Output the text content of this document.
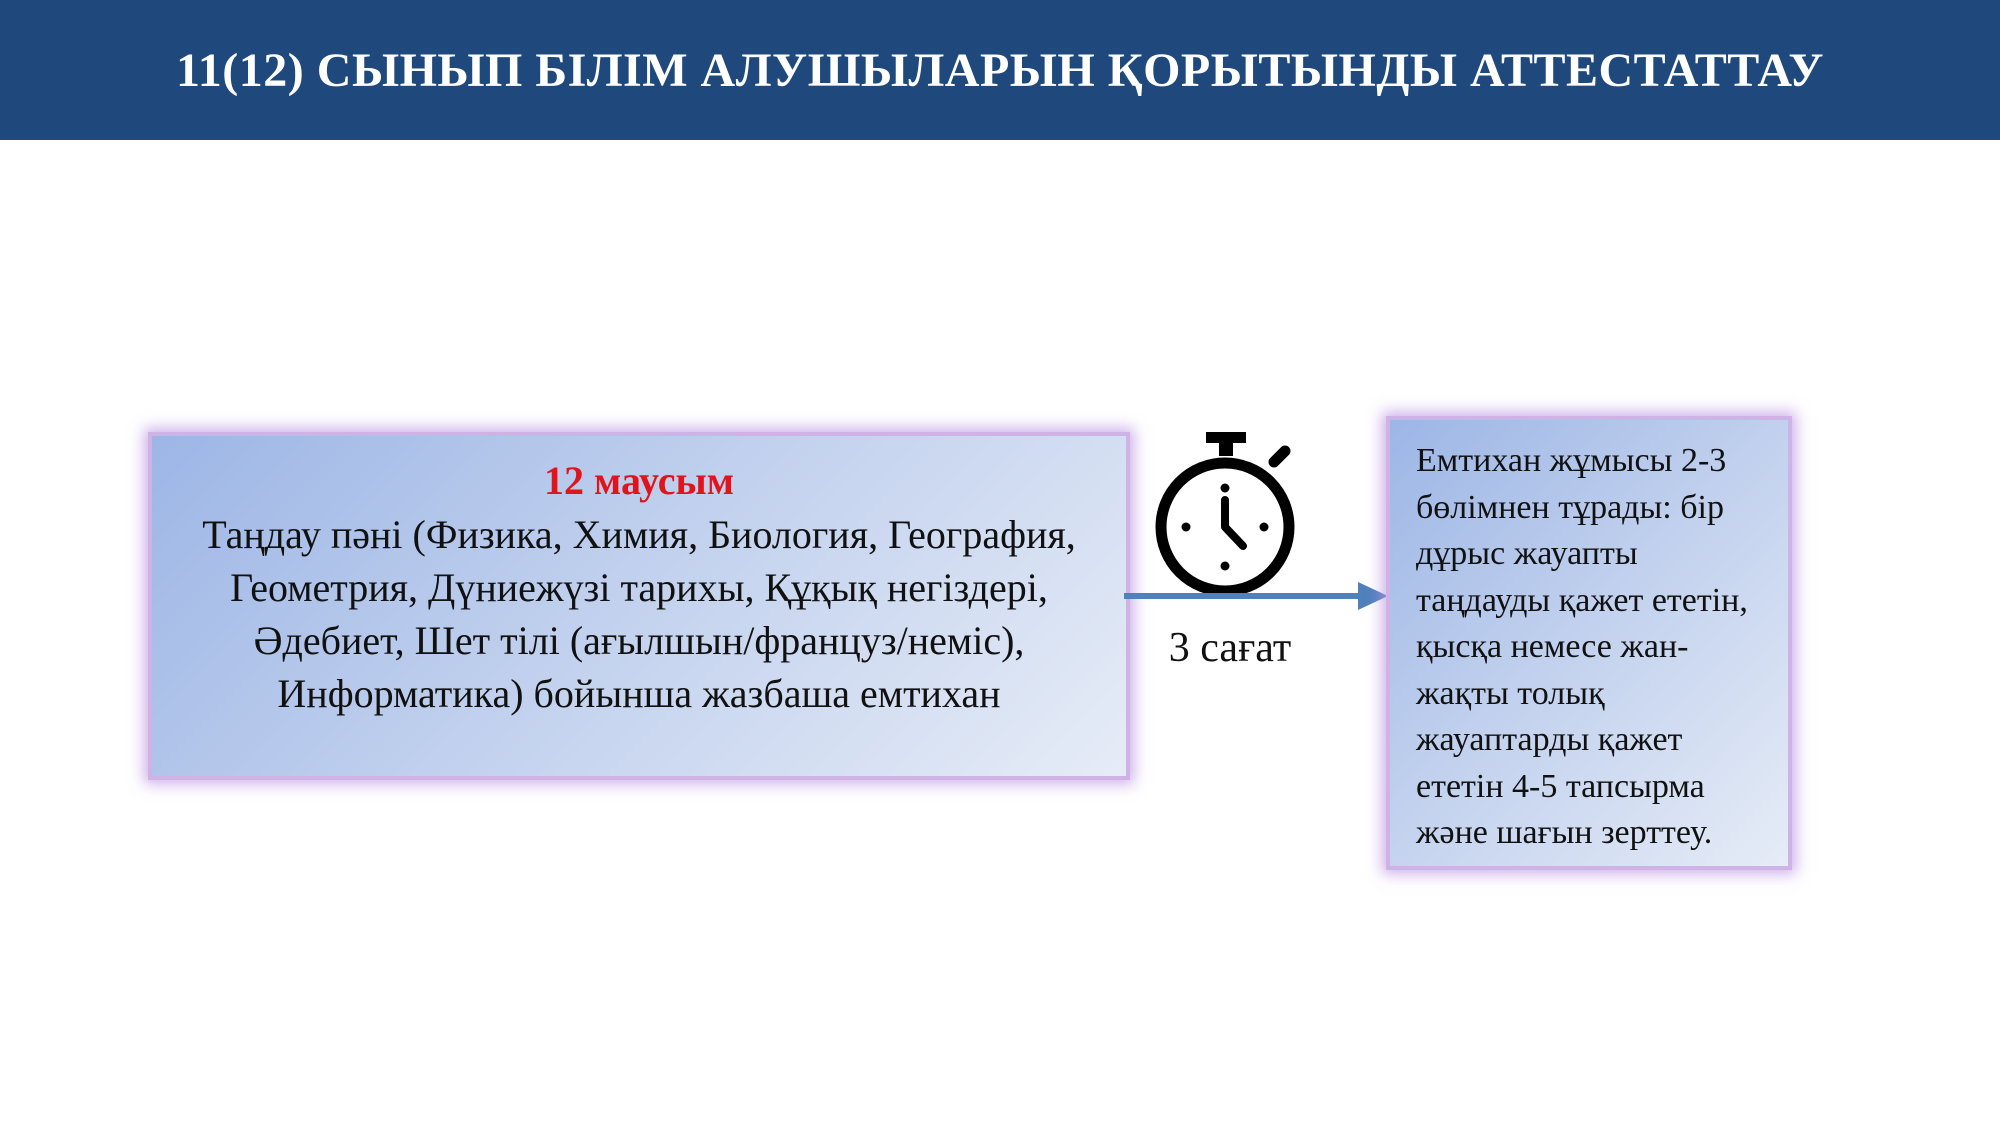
11(12) СЫНЫП БІЛІМ АЛУШЫЛАРЫН ҚОРЫТЫНДЫ АТТЕСТАТТАУ
12 маусым
Таңдау пәні (Физика, Химия, Биология, География, Геометрия, Дүниежүзі тарихы, Құқық негіздері, Әдебиет, Шет тілі (ағылшын/француз/неміс), Информатика) бойынша жазбаша емтихан
3 сағат
Емтихан жұмысы 2-3 бөлімнен тұрады: бір дұрыс жауапты таңдауды қажет ететін, қысқа немесе жан-жақты толық жауаптарды қажет ететін 4-5 тапсырма және шағын зерттеу.
